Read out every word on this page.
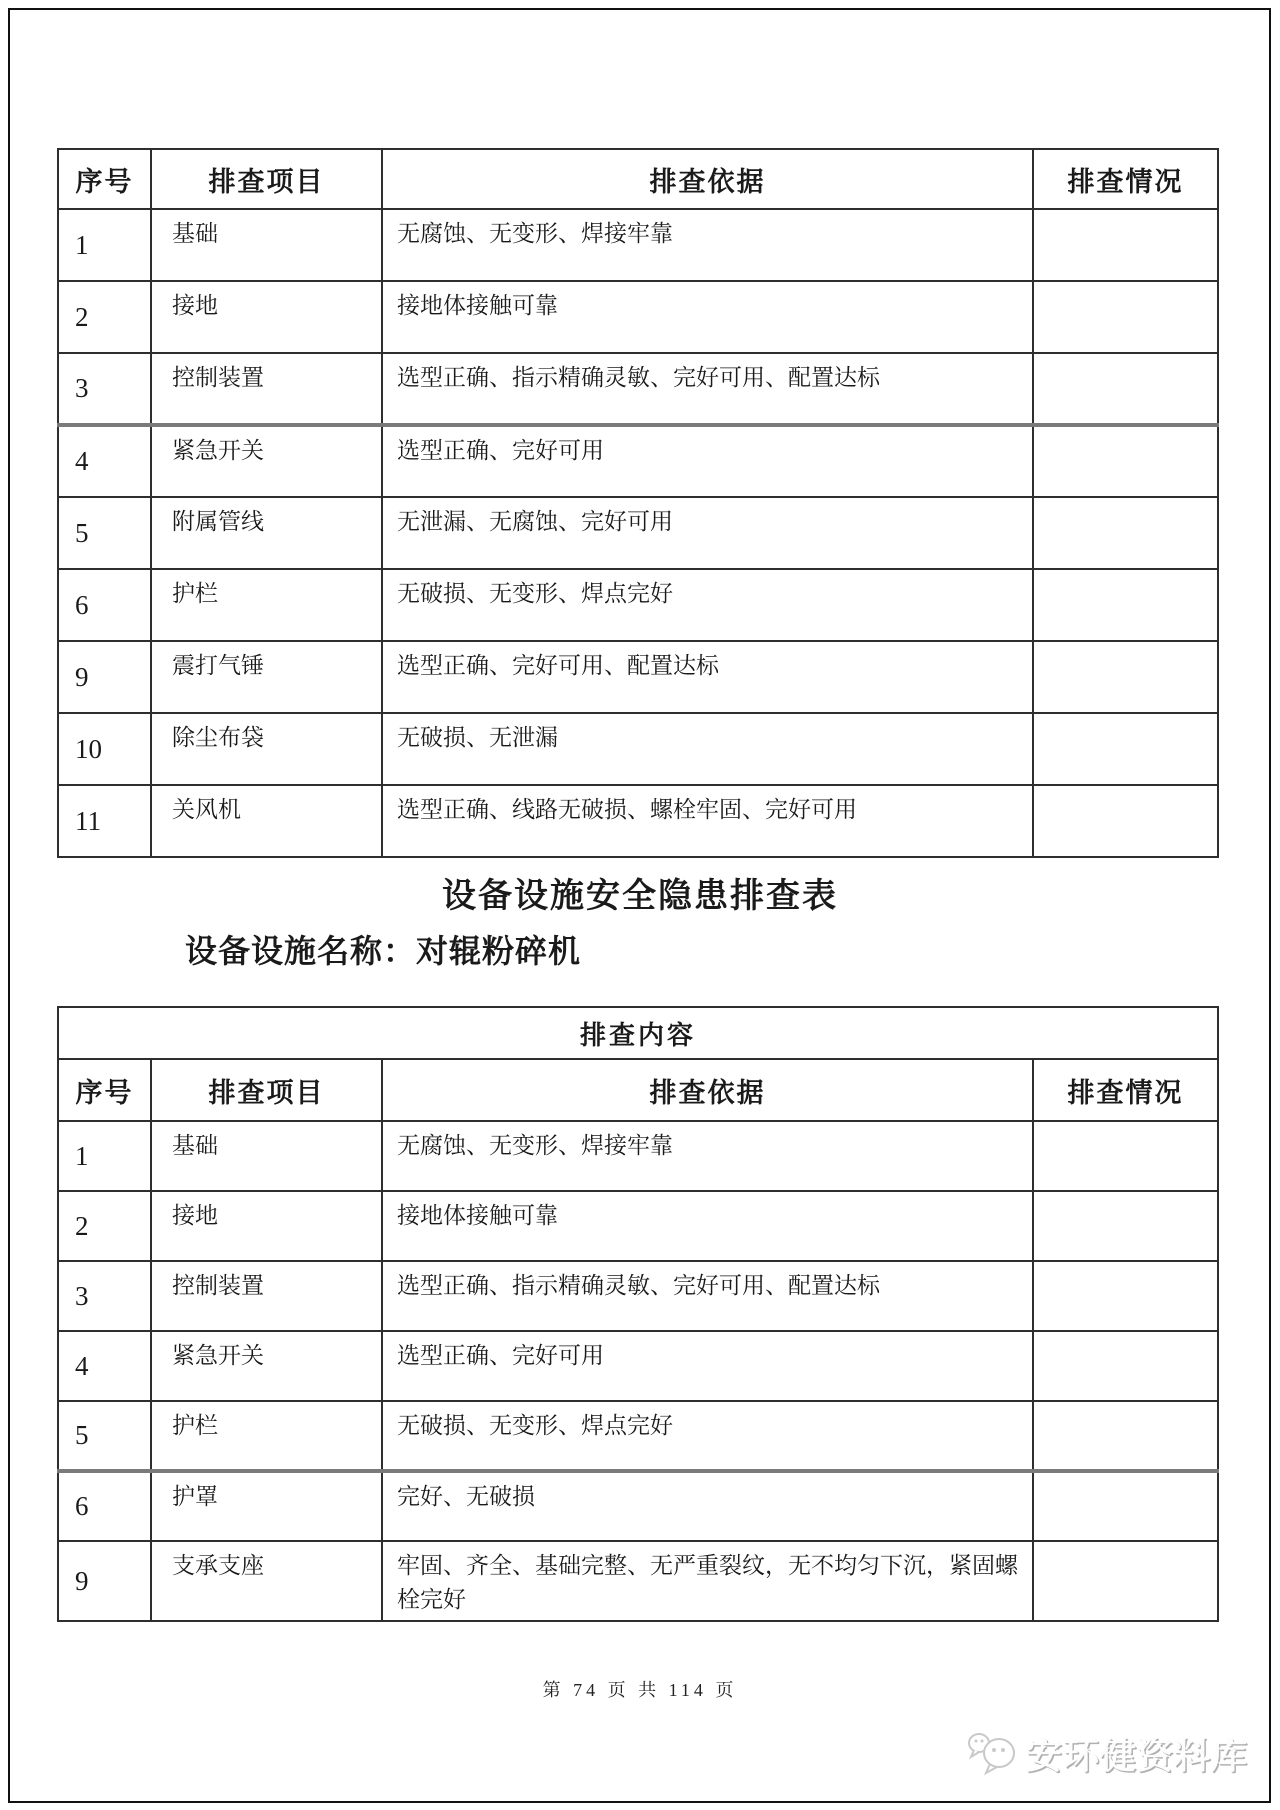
序号	排查项目	排查依据	排查情况
1	基础	无腐蚀、无变形、焊接牢靠	
2	接地	接地体接触可靠	
3	控制装置	选型正确、指示精确灵敏、完好可用、配置达标	
4	紧急开关	选型正确、完好可用	
5	附属管线	无泄漏、无腐蚀、完好可用	
6	护栏	无破损、无变形、焊点完好	
9	震打气锤	选型正确、完好可用、配置达标	
10	除尘布袋	无破损、无泄漏	
11	关风机	选型正确、线路无破损、螺栓牢固、完好可用	
设备设施安全隐患排查表
设备设施名称：对辊粉碎机
排查内容			
序号	排查项目	排查依据	排查情况
1	基础	无腐蚀、无变形、焊接牢靠	
2	接地	接地体接触可靠	
3	控制装置	选型正确、指示精确灵敏、完好可用、配置达标	
4	紧急开关	选型正确、完好可用	
5	护栏	无破损、无变形、焊点完好	
6	护罩	完好、无破损	
9	支承支座	牢固、齐全、基础完整、无严重裂纹，无不均匀下沉，紧固螺栓完好	
第 74 页 共 114 页
安环健资料库
